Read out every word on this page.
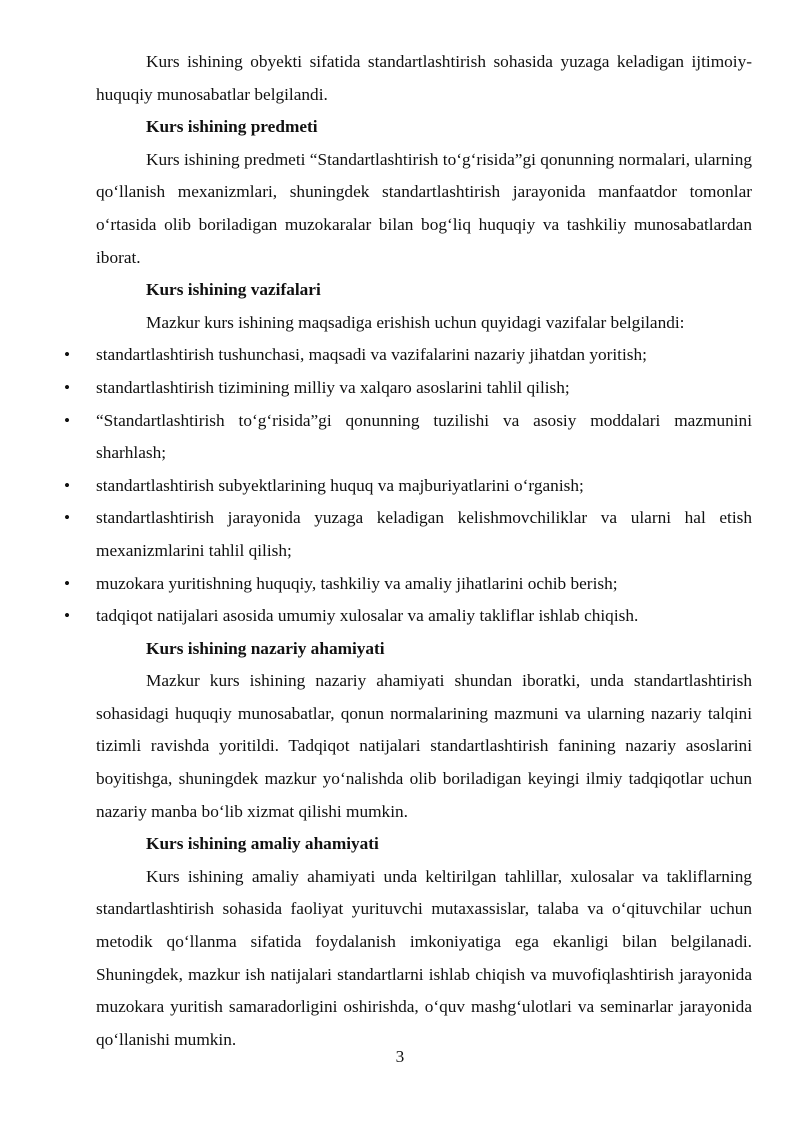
Kurs ishining obyekti sifatida standartlashtirish sohasida yuzaga keladigan ijtimoiy-huquqiy munosabatlar belgilandi.

Kurs ishining predmeti

Kurs ishining predmeti “Standartlashtirish to‘g‘risida”gi qonunning normalari, ularning qo‘llanish mexanizmlari, shuningdek standartlashtirish jarayonida manfaatdor tomonlar o‘rtasida olib boriladigan muzokaralar bilan bog‘liq huquqiy va tashkiliy munosabatlardan iborat.

Kurs ishining vazifalari

Mazkur kurs ishining maqsadiga erishish uchun quyidagi vazifalar belgilandi:

• standartlashtirish tushunchasi, maqsadi va vazifalarini nazariy jihatdan yoritish;
• standartlashtirish tizimining milliy va xalqaro asoslarini tahlil qilish;
• “Standartlashtirish to‘g‘risida”gi qonunning tuzilishi va asosiy moddalari mazmunini sharhlash;
• standartlashtirish subyektlarining huquq va majburiyatlarini o‘rganish;
• standartlashtirish jarayonida yuzaga keladigan kelishmovchiliklar va ularni hal etish mexanizmlarini tahlil qilish;
• muzokara yuritishning huquqiy, tashkiliy va amaliy jihatlarini ochib berish;
• tadqiqot natijalari asosida umumiy xulosalar va amaliy takliflar ishlab chiqish.

Kurs ishining nazariy ahamiyati

Mazkur kurs ishining nazariy ahamiyati shundan iboratki, unda standartlashtirish sohasidagi huquqiy munosabatlar, qonun normalarining mazmuni va ularning nazariy talqini tizimli ravishda yoritildi. Tadqiqot natijalari standartlashtirish fanining nazariy asoslarini boyitishga, shuningdek mazkur yo‘nalishda olib boriladigan keyingi ilmiy tadqiqotlar uchun nazariy manba bo‘lib xizmat qilishi mumkin.

Kurs ishining amaliy ahamiyati

Kurs ishining amaliy ahamiyati unda keltirilgan tahlillar, xulosalar va takliflarning standartlashtirish sohasida faoliyat yurituvchi mutaxassislar, talaba va o‘qituvchilar uchun metodik qo‘llanma sifatida foydalanish imkoniyatiga ega ekanligi bilan belgilanadi. Shuningdek, mazkur ish natijalari standartlarni ishlab chiqish va muvofiqlashtirish jarayonida muzokara yuritish samaradorligini oshirishda, o‘quv mashg‘ulotlari va seminarlar jarayonida qo‘llanishi mumkin.

3
